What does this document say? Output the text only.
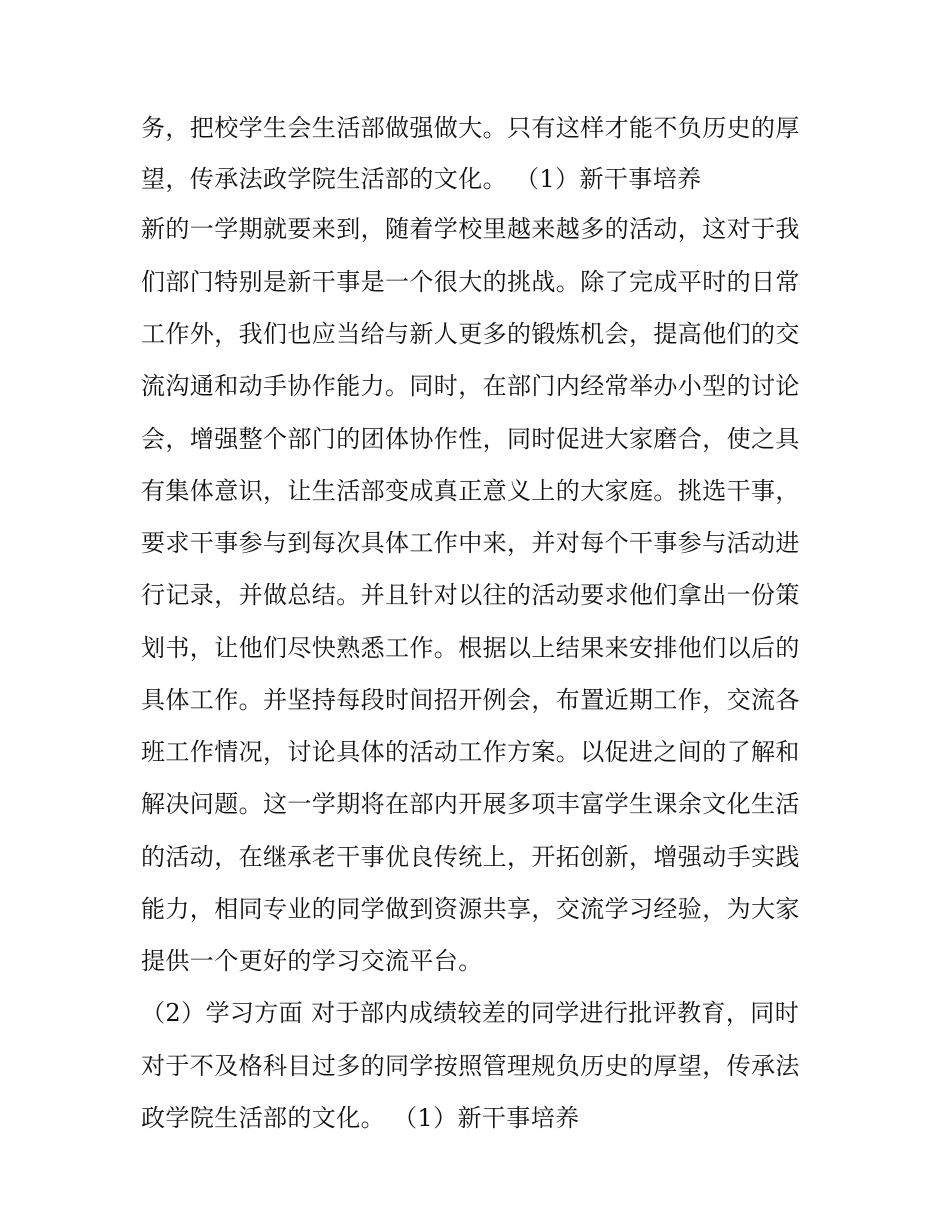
务，把校学生会生活部做强做大。只有这样才能不负历史的厚
望，传承法政学院生活部的文化。 （1）新干事培养
新的一学期就要来到，随着学校里越来越多的活动，这对于我
们部门特别是新干事是一个很大的挑战。除了完成平时的日常
工作外，我们也应当给与新人更多的锻炼机会，提高他们的交
流沟通和动手协作能力。同时，在部门内经常举办小型的讨论
会，增强整个部门的团体协作性，同时促进大家磨合，使之具
有集体意识，让生活部变成真正意义上的大家庭。挑选干事，
要求干事参与到每次具体工作中来，并对每个干事参与活动进
行记录，并做总结。并且针对以往的活动要求他们拿出一份策
划书，让他们尽快熟悉工作。根据以上结果来安排他们以后的
具体工作。并坚持每段时间招开例会，布置近期工作，交流各
班工作情况，讨论具体的活动工作方案。以促进之间的了解和
解决问题。这一学期将在部内开展多项丰富学生课余文化生活
的活动，在继承老干事优良传统上，开拓创新，增强动手实践
能力，相同专业的同学做到资源共享，交流学习经验，为大家
提供一个更好的学习交流平台。
（2）学习方面 对于部内成绩较差的同学进行批评教育，同时
对于不及格科目过多的同学按照管理规负历史的厚望，传承法
政学院生活部的文化。 （1）新干事培养
